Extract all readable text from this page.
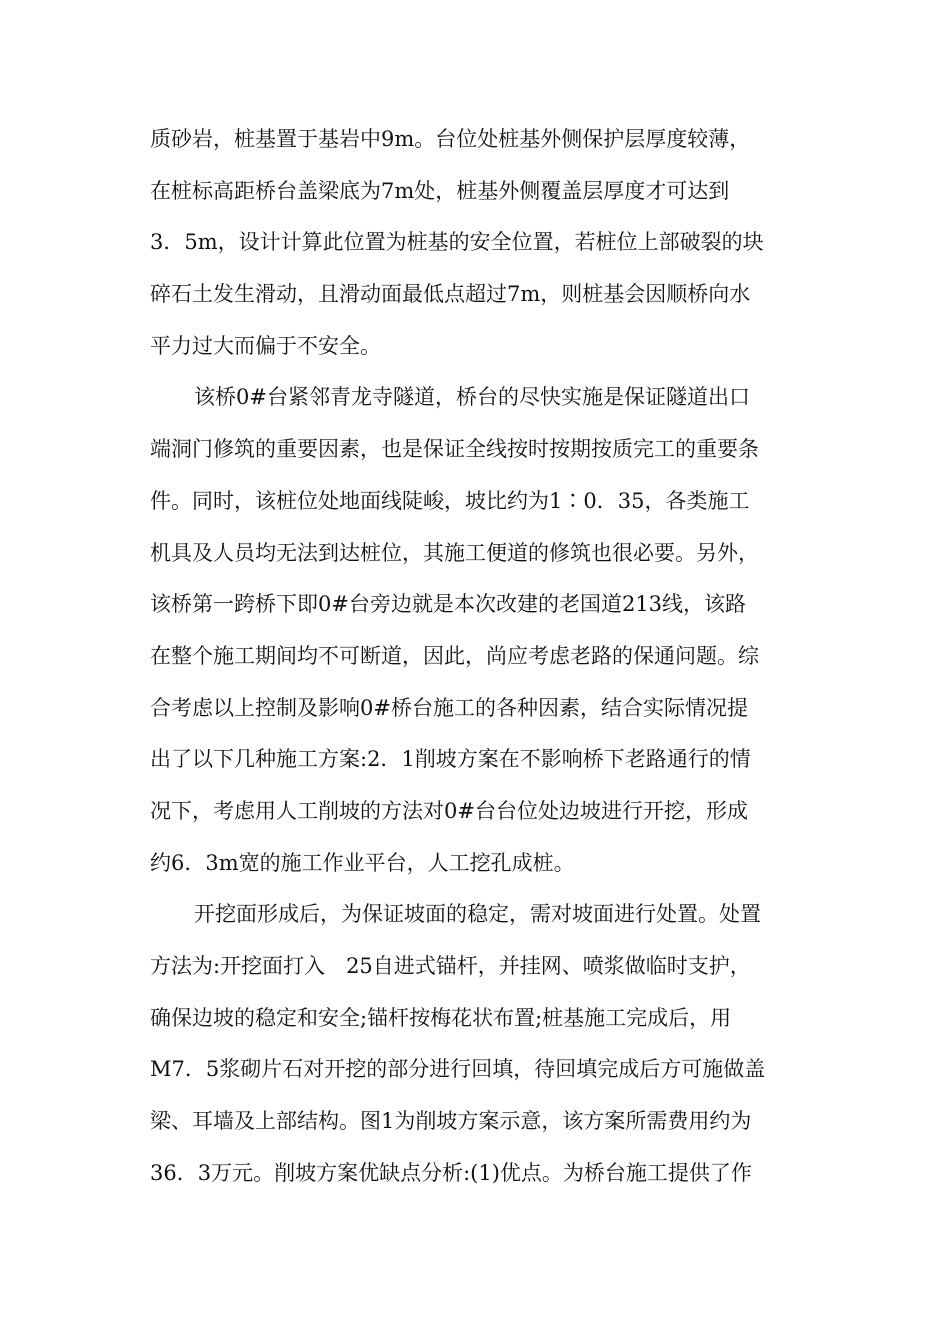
质砂岩，桩基置于基岩中9m。台位处桩基外侧保护层厚度较薄，
在桩标高距桥台盖梁底为7m处，桩基外侧覆盖层厚度才可达到
3．5m，设计计算此位置为桩基的安全位置，若桩位上部破裂的块
碎石土发生滑动，且滑动面最低点超过7m，则桩基会因顺桥向水
平力过大而偏于不安全。
该桥0#台紧邻青龙寺隧道，桥台的尽快实施是保证隧道出口
端洞门修筑的重要因素，也是保证全线按时按期按质完工的重要条
件。同时，该桩位处地面线陡峻，坡比约为1∶0．35，各类施工
机具及人员均无法到达桩位，其施工便道的修筑也很必要。另外，
该桥第一跨桥下即0#台旁边就是本次改建的老国道213线，该路
在整个施工期间均不可断道，因此，尚应考虑老路的保通问题。综
合考虑以上控制及影响0#桥台施工的各种因素，结合实际情况提
出了以下几种施工方案:2．1削坡方案在不影响桥下老路通行的情
况下，考虑用人工削坡的方法对0#台台位处边坡进行开挖，形成
约6．3m宽的施工作业平台，人工挖孔成桩。
开挖面形成后，为保证坡面的稳定，需对坡面进行处置。处置
方法为:开挖面打入　25自进式锚杆，并挂网、喷浆做临时支护，
确保边坡的稳定和安全;锚杆按梅花状布置;桩基施工完成后，用
M7．5浆砌片石对开挖的部分进行回填，待回填完成后方可施做盖
梁、耳墙及上部结构。图1为削坡方案示意，该方案所需费用约为
36．3万元。削坡方案优缺点分析:(1)优点。为桥台施工提供了作
